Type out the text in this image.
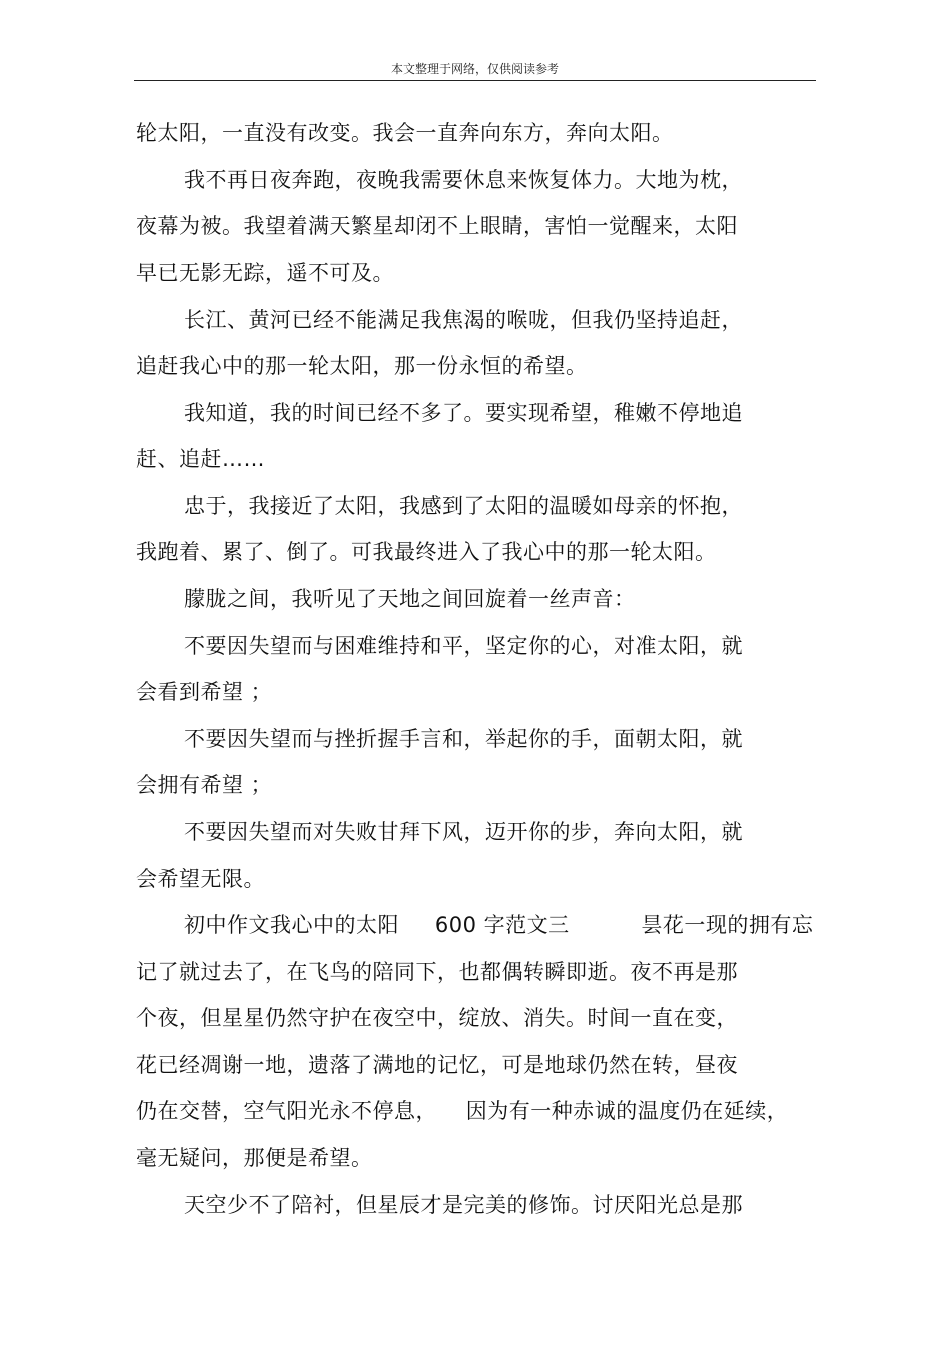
本文整理于网络，仅供阅读参考
轮太阳，一直没有改变。我会一直奔向东方，奔向太阳。
我不再日夜奔跑，夜晚我需要休息来恢复体力。大地为枕，
夜幕为被。我望着满天繁星却闭不上眼睛，害怕一觉醒来，太阳
早已无影无踪，遥不可及。
长江、黄河已经不能满足我焦渴的喉咙，但我仍坚持追赶，
追赶我心中的那一轮太阳，那一份永恒的希望。
我知道，我的时间已经不多了。要实现希望，稚嫩不停地追
赶、追赶……
忠于，我接近了太阳，我感到了太阳的温暖如母亲的怀抱，
我跑着、累了、倒了。可我最终进入了我心中的那一轮太阳。
朦胧之间，我听见了天地之间回旋着一丝声音：
不要因失望而与困难维持和平，坚定你的心，对准太阳，就
会看到希望 ；
不要因失望而与挫折握手言和，举起你的手，面朝太阳，就
会拥有希望 ；
不要因失望而对失败甘拜下风，迈开你的步，奔向太阳，就
会希望无限。
初中作文我心中的太阳     600 字范文三          昙花一现的拥有忘
记了就过去了，在飞鸟的陪同下，也都偶转瞬即逝。夜不再是那
个夜，但星星仍然守护在夜空中，绽放、消失。时间一直在变，
花已经凋谢一地，遗落了满地的记忆，可是地球仍然在转，昼夜
仍在交替，空气阳光永不停息，    因为有一种赤诚的温度仍在延续，
毫无疑问，那便是希望。
天空少不了陪衬，但星辰才是完美的修饰。讨厌阳光总是那
